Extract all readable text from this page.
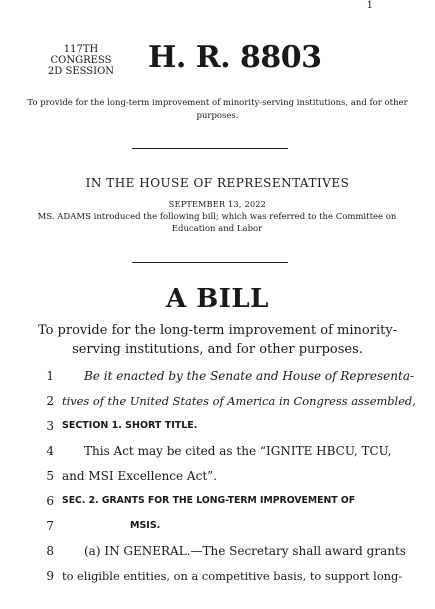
1
117TH CONGRESS
2D SESSION	H. R. 8803
To provide for the long-term improvement of minority-serving institutions, and for other purposes.
IN THE HOUSE OF REPRESENTATIVES
SEPTEMBER 13, 2022
MS. ADAMS introduced the following bill; which was referred to the Committee on Education and Labor
A BILL
To provide for the long-term improvement of minority-serving institutions, and for other purposes.
1	Be it enacted by the Senate and House of Representa-
2 tives of the United States of America in Congress assembled,
3 SECTION 1. SHORT TITLE.
4	This Act may be cited as the “IGNITE HBCU, TCU,
5 and MSI Excellence Act”.
6 SEC. 2. GRANTS FOR THE LONG-TERM IMPROVEMENT OF
7	MSIS.
8	(a) IN GENERAL.—The Secretary shall award grants
9 to eligible entities, on a competitive basis, to support long-
